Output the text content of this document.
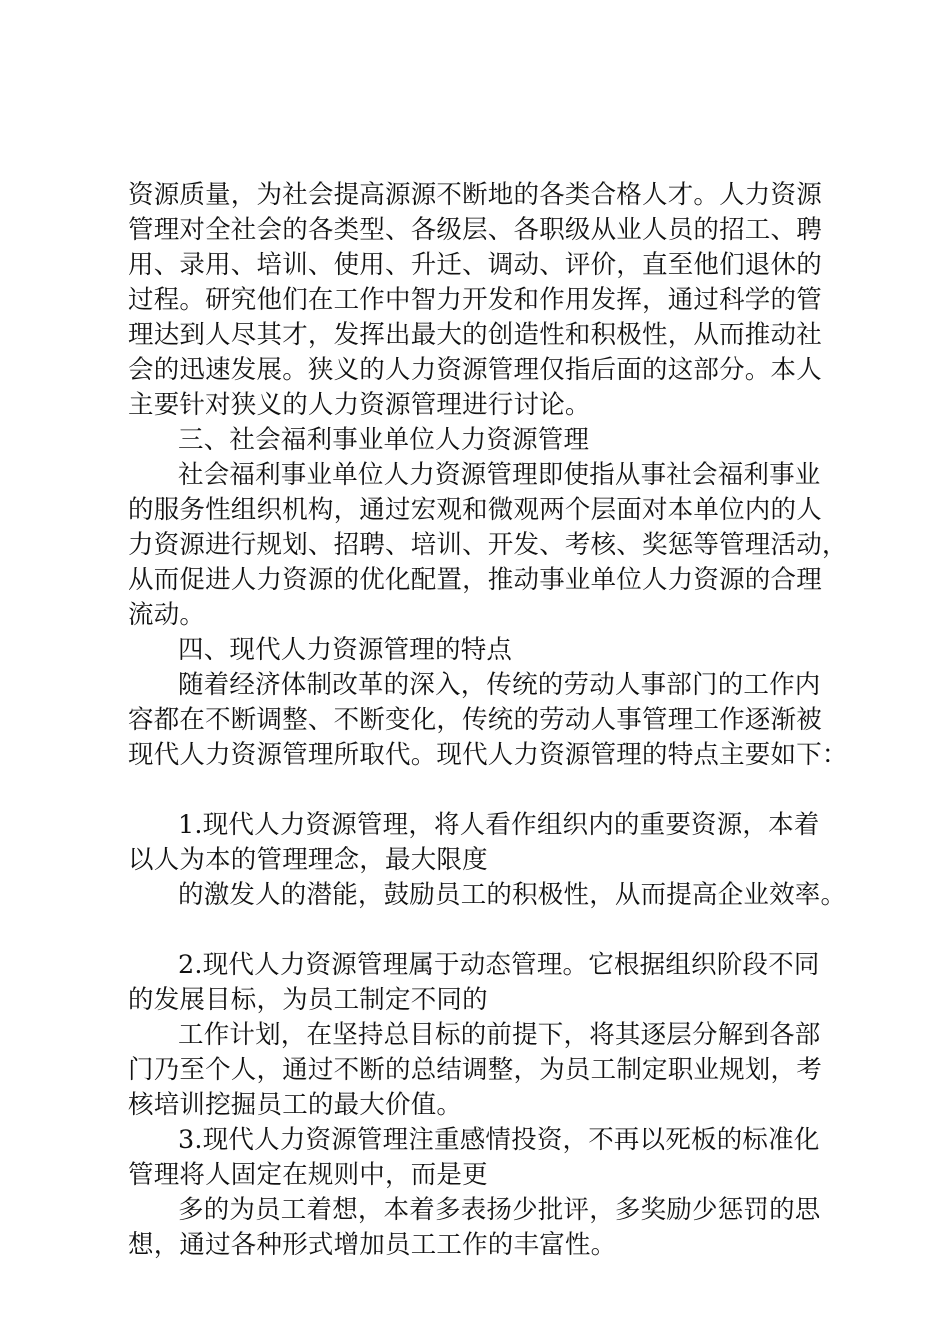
资源质量，为社会提高源源不断地的各类合格人才。人力资源
管理对全社会的各类型、各级层、各职级从业人员的招工、聘
用、录用、培训、使用、升迁、调动、评价，直至他们退休的
过程。研究他们在工作中智力开发和作用发挥，通过科学的管
理达到人尽其才，发挥出最大的创造性和积极性，从而推动社
会的迅速发展。狭义的人力资源管理仅指后面的这部分。本人
主要针对狭义的人力资源管理进行讨论。
三、社会福利事业单位人力资源管理
社会福利事业单位人力资源管理即使指从事社会福利事业
的服务性组织机构，通过宏观和微观两个层面对本单位内的人
力资源进行规划、招聘、培训、开发、考核、奖惩等管理活动，
从而促进人力资源的优化配置，推动事业单位人力资源的合理
流动。
四、现代人力资源管理的特点
随着经济体制改革的深入，传统的劳动人事部门的工作内
容都在不断调整、不断变化，传统的劳动人事管理工作逐渐被
现代人力资源管理所取代。现代人力资源管理的特点主要如下：
1.现代人力资源管理，将人看作组织内的重要资源，本着
以人为本的管理理念，最大限度
的激发人的潜能，鼓励员工的积极性，从而提高企业效率。
2.现代人力资源管理属于动态管理。它根据组织阶段不同
的发展目标，为员工制定不同的
工作计划，在坚持总目标的前提下，将其逐层分解到各部
门乃至个人，通过不断的总结调整，为员工制定职业规划，考
核培训挖掘员工的最大价值。
3.现代人力资源管理注重感情投资，不再以死板的标准化
管理将人固定在规则中，而是更
多的为员工着想，本着多表扬少批评，多奖励少惩罚的思
想，通过各种形式增加员工工作的丰富性。
